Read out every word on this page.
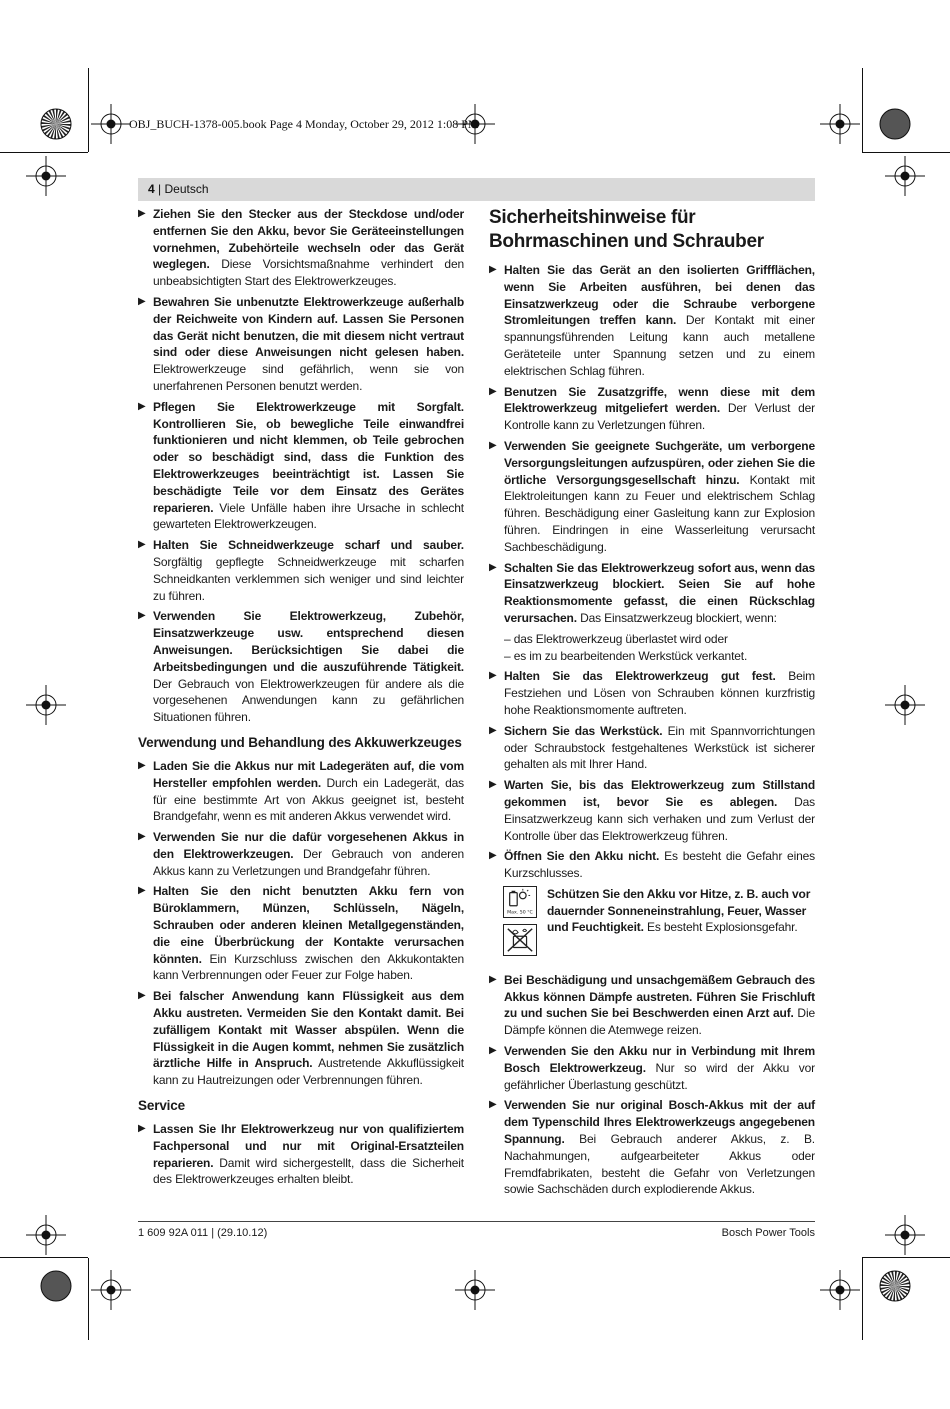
OBJ_BUCH-1378-005.book Page 4 Monday, October 29, 2012 1:08 PM
4 | Deutsch

▶ Ziehen Sie den Stecker aus der Steckdose und/oder entfernen Sie den Akku, bevor Sie Geräteeinstellungen vornehmen, Zubehörteile wechseln oder das Gerät weglegen. Diese Vorsichtsmaßnahme verhindert den unbeabsichtigten Start des Elektrowerkzeuges.

▶ Bewahren Sie unbenutzte Elektrowerkzeuge außerhalb der Reichweite von Kindern auf. Lassen Sie Personen das Gerät nicht benutzen, die mit diesem nicht vertraut sind oder diese Anweisungen nicht gelesen haben. Elektrowerkzeuge sind gefährlich, wenn sie von unerfahrenen Personen benutzt werden.

▶ Pflegen Sie Elektrowerkzeuge mit Sorgfalt. Kontrollieren Sie, ob bewegliche Teile einwandfrei funktionieren und nicht klemmen, ob Teile gebrochen oder so beschädigt sind, dass die Funktion des Elektrowerkzeuges beeinträchtigt ist. Lassen Sie beschädigte Teile vor dem Einsatz des Gerätes reparieren. Viele Unfälle haben ihre Ursache in schlecht gewarteten Elektrowerkzeugen.

▶ Halten Sie Schneidwerkzeuge scharf und sauber. Sorgfältig gepflegte Schneidwerkzeuge mit scharfen Schneidkanten verklemmen sich weniger und sind leichter zu führen.

▶ Verwenden Sie Elektrowerkzeug, Zubehör, Einsatzwerkzeuge usw. entsprechend diesen Anweisungen. Berücksichtigen Sie dabei die Arbeitsbedingungen und die auszuführende Tätigkeit. Der Gebrauch von Elektrowerkzeugen für andere als die vorgesehenen Anwendungen kann zu gefährlichen Situationen führen.

Verwendung und Behandlung des Akkuwerkzeuges

▶ Laden Sie die Akkus nur mit Ladegeräten auf, die vom Hersteller empfohlen werden. Durch ein Ladegerät, das für eine bestimmte Art von Akkus geeignet ist, besteht Brandgefahr, wenn es mit anderen Akkus verwendet wird.

▶ Verwenden Sie nur die dafür vorgesehenen Akkus in den Elektrowerkzeugen. Der Gebrauch von anderen Akkus kann zu Verletzungen und Brandgefahr führen.

▶ Halten Sie den nicht benutzten Akku fern von Büroklammern, Münzen, Schlüsseln, Nägeln, Schrauben oder anderen kleinen Metallgegenständen, die eine Überbrückung der Kontakte verursachen könnten. Ein Kurzschluss zwischen den Akkukontakten kann Verbrennungen oder Feuer zur Folge haben.

▶ Bei falscher Anwendung kann Flüssigkeit aus dem Akku austreten. Vermeiden Sie den Kontakt damit. Bei zufälligem Kontakt mit Wasser abspülen. Wenn die Flüssigkeit in die Augen kommt, nehmen Sie zusätzlich ärztliche Hilfe in Anspruch. Austretende Akkuflüssigkeit kann zu Hautreizungen oder Verbrennungen führen.

Service

▶ Lassen Sie Ihr Elektrowerkzeug nur von qualifiziertem Fachpersonal und nur mit Original-Ersatzteilen reparieren. Damit wird sichergestellt, dass die Sicherheit des Elektrowerkzeuges erhalten bleibt.

Sicherheitshinweise für Bohrmaschinen und Schrauber

▶ Halten Sie das Gerät an den isolierten Griffflächen, wenn Sie Arbeiten ausführen, bei denen das Einsatzwerkzeug oder die Schraube verborgene Stromleitungen treffen kann. Der Kontakt mit einer spannungsführenden Leitung kann auch metallene Geräteteile unter Spannung setzen und zu einem elektrischen Schlag führen.

▶ Benutzen Sie Zusatzgriffe, wenn diese mit dem Elektrowerkzeug mitgeliefert werden. Der Verlust der Kontrolle kann zu Verletzungen führen.

▶ Verwenden Sie geeignete Suchgeräte, um verborgene Versorgungsleitungen aufzuspüren, oder ziehen Sie die örtliche Versorgungsgesellschaft hinzu. Kontakt mit Elektroleitungen kann zu Feuer und elektrischem Schlag führen. Beschädigung einer Gasleitung kann zur Explosion führen. Eindringen in eine Wasserleitung verursacht Sachbeschädigung.

▶ Schalten Sie das Elektrowerkzeug sofort aus, wenn das Einsatzwerkzeug blockiert. Seien Sie auf hohe Reaktionsmomente gefasst, die einen Rückschlag verursachen. Das Einsatzwerkzeug blockiert, wenn:

– das Elektrowerkzeug überlastet wird oder

– es im zu bearbeitenden Werkstück verkantet.

▶ Halten Sie das Elektrowerkzeug gut fest. Beim Festziehen und Lösen von Schrauben können kurzfristig hohe Reaktionsmomente auftreten.

▶ Sichern Sie das Werkstück. Ein mit Spannvorrichtungen oder Schraubstock festgehaltenes Werkstück ist sicherer gehalten als mit Ihrer Hand.

▶ Warten Sie, bis das Elektrowerkzeug zum Stillstand gekommen ist, bevor Sie es ablegen. Das Einsatzwerkzeug kann sich verhaken und zum Verlust der Kontrolle über das Elektrowerkzeug führen.

▶ Öffnen Sie den Akku nicht. Es besteht die Gefahr eines Kurzschlusses.

Max. 50 °C

Schützen Sie den Akku vor Hitze, z. B. auch vor dauernder Sonneneinstrahlung, Feuer, Wasser und Feuchtigkeit. Es besteht Explosionsgefahr.

▶ Bei Beschädigung und unsachgemäßem Gebrauch des Akkus können Dämpfe austreten. Führen Sie Frischluft zu und suchen Sie bei Beschwerden einen Arzt auf. Die Dämpfe können die Atemwege reizen.

▶ Verwenden Sie den Akku nur in Verbindung mit Ihrem Bosch Elektrowerkzeug. Nur so wird der Akku vor gefährlicher Überlastung geschützt.

▶ Verwenden Sie nur original Bosch-Akkus mit der auf dem Typenschild Ihres Elektrowerkzeugs angegebenen Spannung. Bei Gebrauch anderer Akkus, z. B. Nachahmungen, aufgearbeiteter Akkus oder Fremdfabrikaten, besteht die Gefahr von Verletzungen sowie Sachschäden durch explodierende Akkus.

1 609 92A 011 | (29.10.12)	Bosch Power Tools
